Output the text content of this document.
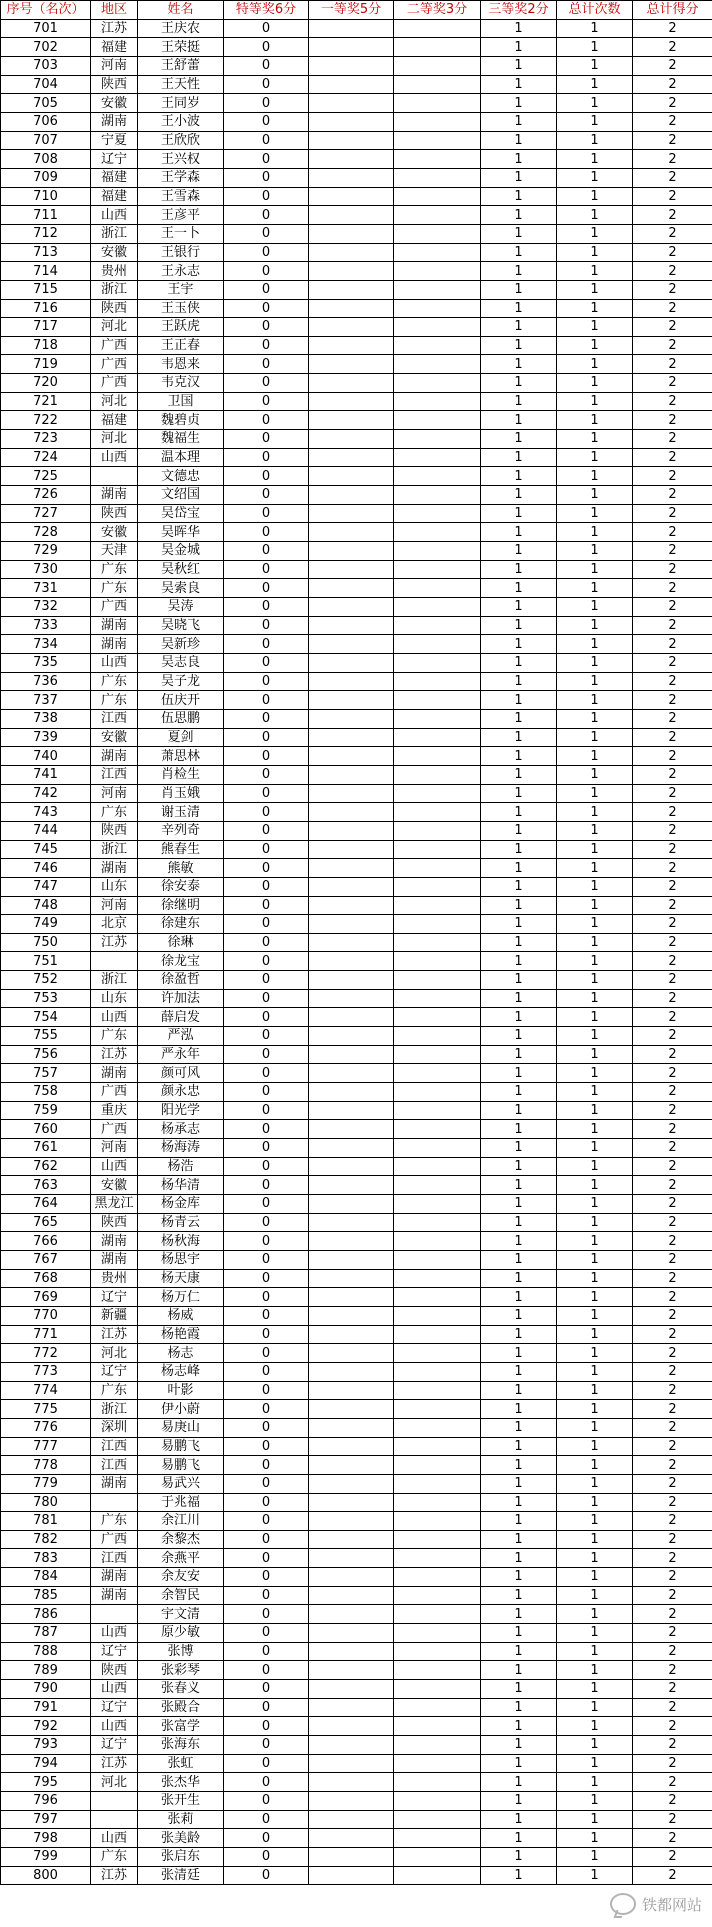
序号（名次）	地区	姓名	特等奖6分	一等奖5分	二等奖3分	三等奖2分	总计次数	总计得分
701	江苏	王庆农	0			1	1	2
702	福建	王荣挺	0			1	1	2
703	河南	王舒蕾	0			1	1	2
704	陕西	王天性	0			1	1	2
705	安徽	王同岁	0			1	1	2
706	湖南	王小波	0			1	1	2
707	宁夏	王欣欣	0			1	1	2
708	辽宁	王兴权	0			1	1	2
709	福建	王学森	0			1	1	2
710	福建	王雪森	0			1	1	2
711	山西	王彦平	0			1	1	2
712	浙江	王一卜	0			1	1	2
713	安徽	王银行	0			1	1	2
714	贵州	王永志	0			1	1	2
715	浙江	王宇	0			1	1	2
716	陕西	王玉侠	0			1	1	2
717	河北	王跃虎	0			1	1	2
718	广西	王正春	0			1	1	2
719	广西	韦恩来	0			1	1	2
720	广西	韦克汉	0			1	1	2
721	河北	卫国	0			1	1	2
722	福建	魏碧贞	0			1	1	2
723	河北	魏福生	0			1	1	2
724	山西	温本理	0			1	1	2
725		文德忠	0			1	1	2
726	湖南	文绍国	0			1	1	2
727	陕西	吴岱宝	0			1	1	2
728	安徽	吴晖华	0			1	1	2
729	天津	吴金城	0			1	1	2
730	广东	吴秋红	0			1	1	2
731	广东	吴索良	0			1	1	2
732	广西	吴涛	0			1	1	2
733	湖南	吴晓飞	0			1	1	2
734	湖南	吴新珍	0			1	1	2
735	山西	吴志良	0			1	1	2
736	广东	吴子龙	0			1	1	2
737	广东	伍庆开	0			1	1	2
738	江西	伍思鹏	0			1	1	2
739	安徽	夏剑	0			1	1	2
740	湖南	萧思林	0			1	1	2
741	江西	肖检生	0			1	1	2
742	河南	肖玉娥	0			1	1	2
743	广东	谢玉清	0			1	1	2
744	陕西	辛列奇	0			1	1	2
745	浙江	熊春生	0			1	1	2
746	湖南	熊敏	0			1	1	2
747	山东	徐安泰	0			1	1	2
748	河南	徐继明	0			1	1	2
749	北京	徐建东	0			1	1	2
750	江苏	徐琳	0			1	1	2
751		徐龙宝	0			1	1	2
752	浙江	徐盈哲	0			1	1	2
753	山东	许加法	0			1	1	2
754	山西	薛启发	0			1	1	2
755	广东	严泓	0			1	1	2
756	江苏	严永年	0			1	1	2
757	湖南	颜可风	0			1	1	2
758	广西	颜永忠	0			1	1	2
759	重庆	阳光学	0			1	1	2
760	广西	杨承志	0			1	1	2
761	河南	杨海涛	0			1	1	2
762	山西	杨浩	0			1	1	2
763	安徽	杨华清	0			1	1	2
764	黑龙江	杨金库	0			1	1	2
765	陕西	杨青云	0			1	1	2
766	湖南	杨秋海	0			1	1	2
767	湖南	杨思宇	0			1	1	2
768	贵州	杨天康	0			1	1	2
769	辽宁	杨万仁	0			1	1	2
770	新疆	杨威	0			1	1	2
771	江苏	杨艳霞	0			1	1	2
772	河北	杨志	0			1	1	2
773	辽宁	杨志峰	0			1	1	2
774	广东	叶影	0			1	1	2
775	浙江	伊小蔚	0			1	1	2
776	深圳	易庚山	0			1	1	2
777	江西	易鹏飞	0			1	1	2
778	江西	易鹏飞	0			1	1	2
779	湖南	易武兴	0			1	1	2
780		于兆福	0			1	1	2
781	广东	余江川	0			1	1	2
782	广西	余黎杰	0			1	1	2
783	江西	余燕平	0			1	1	2
784	湖南	余友安	0			1	1	2
785	湖南	余智民	0			1	1	2
786		宇文清	0			1	1	2
787	山西	原少敏	0			1	1	2
788	辽宁	张博	0			1	1	2
789	陕西	张彩琴	0			1	1	2
790	山西	张春义	0			1	1	2
791	辽宁	张殿合	0			1	1	2
792	山西	张富学	0			1	1	2
793	辽宁	张海东	0			1	1	2
794	江苏	张虹	0			1	1	2
795	河北	张杰华	0			1	1	2
796		张开生	0			1	1	2
797		张莉	0			1	1	2
798	山西	张美龄	0			1	1	2
799	广东	张启东	0			1	1	2
800	江苏	张清廷	0			1	1	2
铁都网站
